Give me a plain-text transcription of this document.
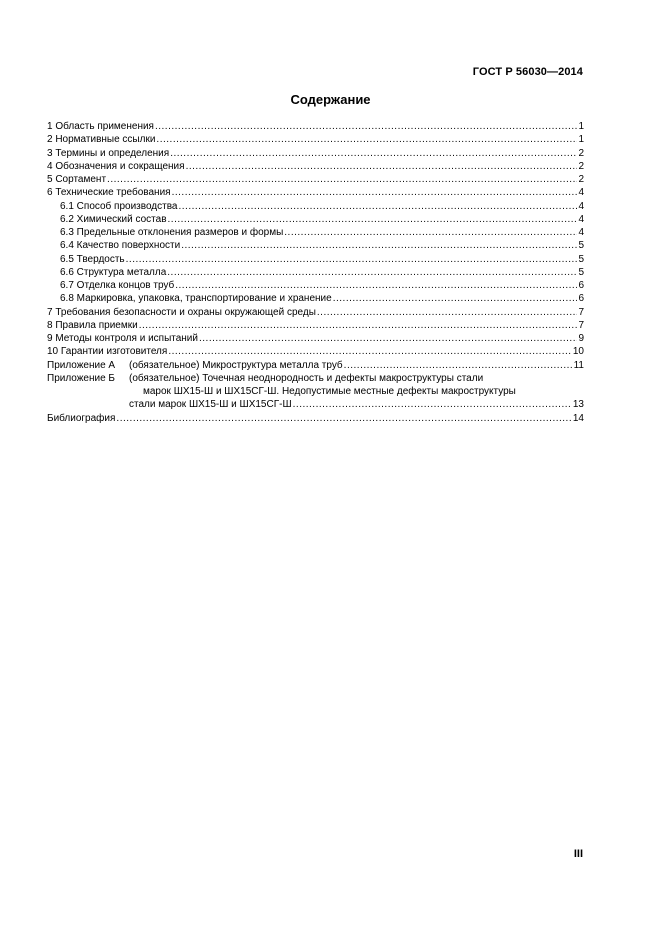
ГОСТ Р 56030—2014
Содержание
1 Область применения .....	1
2 Нормативные ссылки .....	1
3 Термины и определения .....	2
4 Обозначения и сокращения .....	2
5 Сортамент .....	2
6 Технические требования .....	4
6.1 Способ производства .....	4
6.2 Химический состав .....	4
6.3 Предельные отклонения размеров и формы .....	4
6.4 Качество поверхности .....	5
6.5 Твердость .....	5
6.6 Структура металла .....	5
6.7 Отделка концов труб .....	6
6.8 Маркировка, упаковка, транспортирование и хранение .....	6
7 Требования безопасности и охраны окружающей среды .....	7
8 Правила приемки .....	7
9 Методы контроля и испытаний .....	9
10 Гарантии изготовителя .....	10
Приложение А	(обязательное) Микроструктура металла труб .....	11
Приложение Б	(обязательное) Точечная неоднородность и дефекты макроструктуры стали
марок ШХ15-Ш и ШХ15СГ-Ш. Недопустимые местные дефекты макроструктуры
стали марок ШХ15-Ш и ШХ15СГ-Ш .....	13
Библиография .....	14
III
